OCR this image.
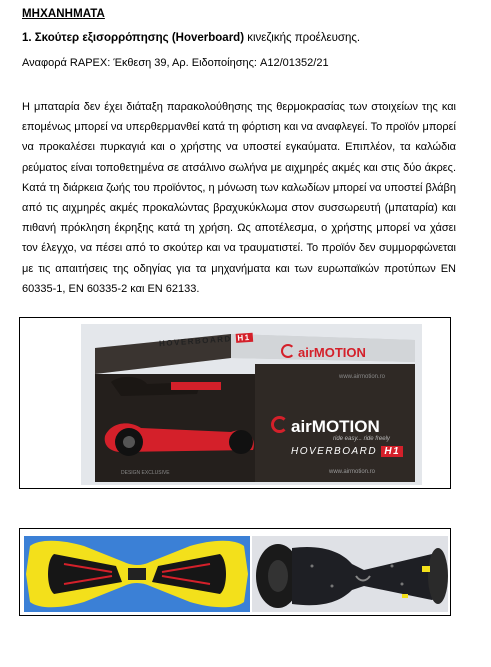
ΜΗΧΑΝΗΜΑΤΑ
1. Σκούτερ εξισορρόπησης (Hoverboard) κινεζικής προέλευσης.
Αναφορά RAPEX: Έκθεση 39, Αρ. Ειδοποίησης: A12/01352/21
Η μπαταρία δεν έχει διάταξη παρακολούθησης της θερμοκρασίας των στοιχείων της και επομένως μπορεί να υπερθερμανθεί κατά τη φόρτιση και να αναφλεγεί. Το προϊόν μπορεί να προκαλέσει πυρκαγιά και ο χρήστης να υποστεί εγκαύματα. Επιπλέον, τα καλώδια ρεύματος είναι τοποθετημένα σε ατσάλινο σωλήνα με αιχμηρές ακμές και στις δύο άκρες. Κατά τη διάρκεια ζωής του προϊόντος, η μόνωση των καλωδίων μπορεί να υποστεί βλάβη από τις αιχμηρές ακμές προκαλώντας βραχυκύκλωμα στον συσσωρευτή (μπαταρία) και πιθανή πρόκληση έκρηξης κατά τη χρήση. Ως αποτέλεσμα, ο χρήστης μπορεί να χάσει τον έλεγχο, να πέσει από το σκούτερ και να τραυματιστεί. Το προϊόν δεν συμμορφώνεται με τις απαιτήσεις της οδηγίας για τα μηχανήματα και των ευρωπαϊκών προτύπων EN 60335-1, EN 60335-2 και EN 62133.
HOVERBOARD H1
airMOTION
www.airmotion.ro
airMOTION
ride easy... ride freely
HOVERBOARD H1
www.airmotion.ro
DESIGN EXCLUSIVE
